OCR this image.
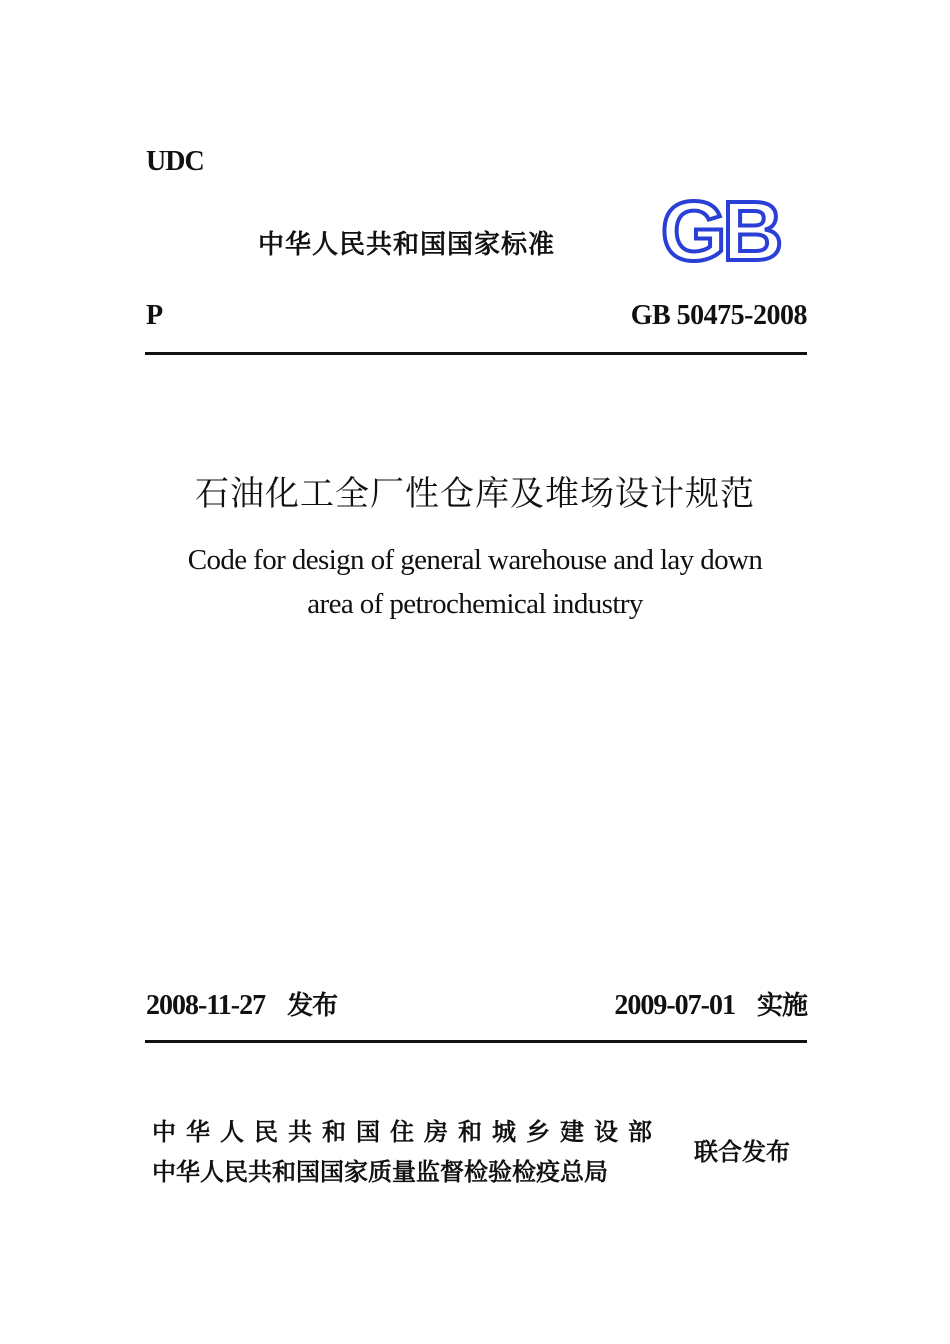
UDC
中华人民共和国国家标准 GB
P	GB 50475-2008
石油化工全厂性仓库及堆场设计规范
Code for design of general warehouse and lay down
area of petrochemical industry
2008-11-27 发布	2009-07-01 实施
中华人民共和国住房和城乡建设部
中华人民共和国国家质量监督检验检疫总局
联合发布
